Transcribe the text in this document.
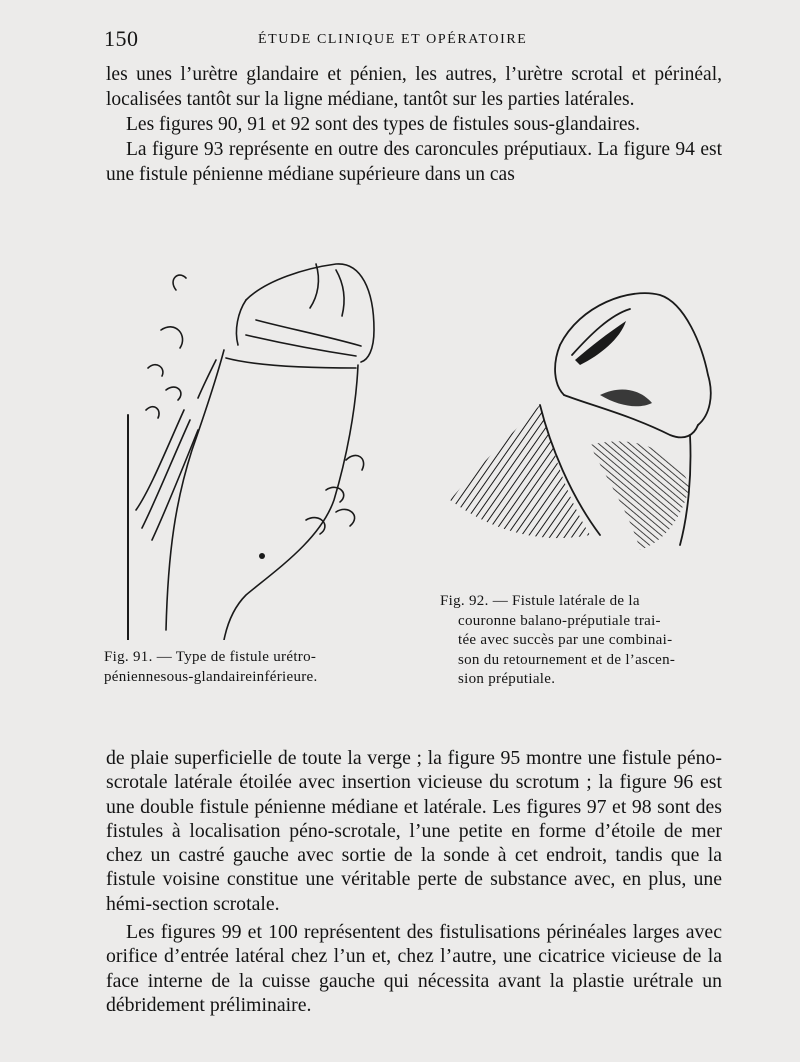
150	ÉTUDE CLINIQUE ET OPÉRATOIRE
les unes l’urètre glandaire et pénien, les autres, l’urètre scrotal et périnéal, localisées tantôt sur la ligne médiane, tantôt sur les parties latérales.
Les figures 90, 91 et 92 sont des types de fistules sous-glandaires.
La figure 93 représente en outre des caroncules préputiaux. La figure 94 est une fistule pénienne médiane supérieure dans un cas
Fig. 91. — Type de fistule urétro-
péniennesous-glandaireinférieure.
Fig. 92. — Fistule latérale de la
couronne balano-préputiale trai-
tée avec succès par une combinai-
son du retournement et de l’ascen-
sion préputiale.
de plaie superficielle de toute la verge ; la figure 95 montre une fistule péno-scrotale latérale étoilée avec insertion vicieuse du scrotum ; la figure 96 est une double fistule pénienne médiane et latérale. Les figures 97 et 98 sont des fistules à localisation péno-scrotale, l’une petite en forme d’étoile de mer chez un castré gauche avec sortie de la sonde à cet endroit, tandis que la fistule voisine constitue une véritable perte de substance avec, en plus, une hémi-section scrotale.
Les figures 99 et 100 représentent des fistulisations périnéales larges avec orifice d’entrée latéral chez l’un et, chez l’autre, une cicatrice vicieuse de la face interne de la cuisse gauche qui nécessita avant la plastie urétrale un débridement préliminaire.
